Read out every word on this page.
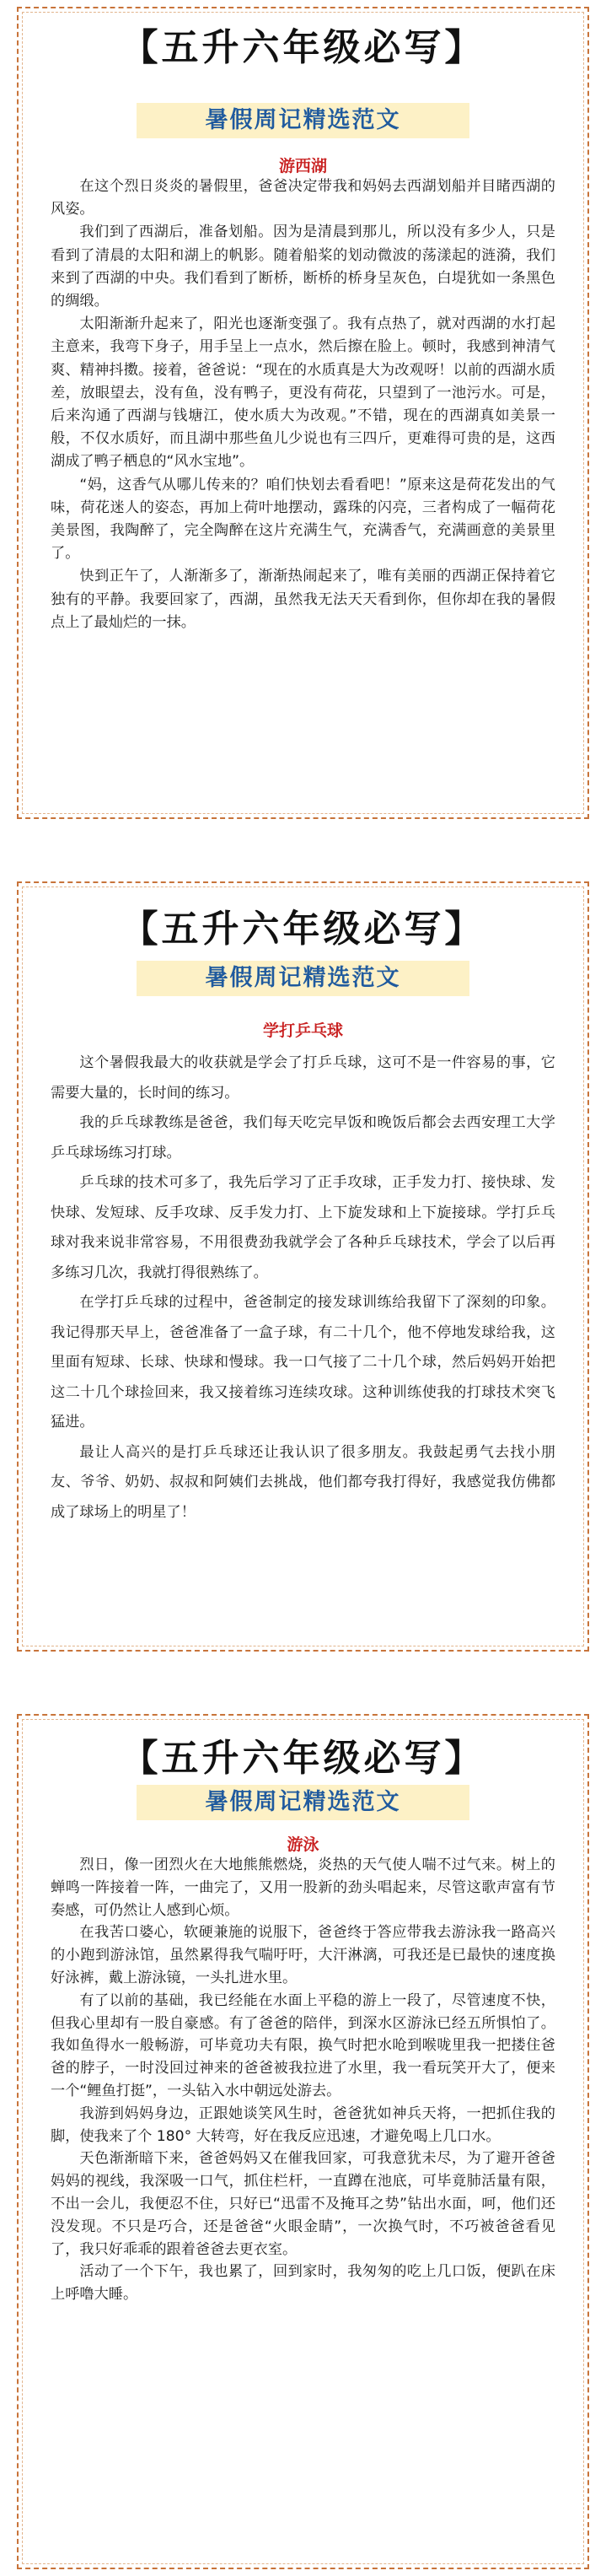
【五升六年级必写】
暑假周记精选范文
游西湖

在这个烈日炎炎的暑假里，爸爸决定带我和妈妈去西湖划船并目睹西湖的风姿。

我们到了西湖后，准备划船。因为是清晨到那儿，所以没有多少人，只是看到了清晨的太阳和湖上的帆影。随着船桨的划动微波的荡漾起的涟漪，我们来到了西湖的中央。我们看到了断桥，断桥的桥身呈灰色，白堤犹如一条黑色的绸缎。

太阳渐渐升起来了，阳光也逐渐变强了。我有点热了，就对西湖的水打起主意来，我弯下身子，用手呈上一点水，然后擦在脸上。顿时，我感到神清气爽、精神抖擞。接着，爸爸说：“现在的水质真是大为改观呀！以前的西湖水质差，放眼望去，没有鱼，没有鸭子，更没有荷花，只望到了一池污水。可是，后来沟通了西湖与钱塘江，使水质大为改观。”不错，现在的西湖真如美景一般，不仅水质好，而且湖中那些鱼儿少说也有三四斤，更难得可贵的是，这西湖成了鸭子栖息的“风水宝地”。

“妈，这香气从哪儿传来的？咱们快划去看看吧！”原来这是荷花发出的气味，荷花迷人的姿态，再加上荷叶地摆动，露珠的闪亮，三者构成了一幅荷花美景图，我陶醉了，完全陶醉在这片充满生气，充满香气，充满画意的美景里了。

快到正午了，人渐渐多了，渐渐热闹起来了，唯有美丽的西湖正保持着它独有的平静。我要回家了，西湖，虽然我无法天天看到你，但你却在我的暑假点上了最灿烂的一抹。

【五升六年级必写】
暑假周记精选范文
学打乒乓球

这个暑假我最大的收获就是学会了打乒乓球，这可不是一件容易的事，它需要大量的，长时间的练习。

我的乒乓球教练是爸爸，我们每天吃完早饭和晚饭后都会去西安理工大学乒乓球场练习打球。

乒乓球的技术可多了，我先后学习了正手攻球，正手发力打、接快球、发快球、发短球、反手攻球、反手发力打、上下旋发球和上下旋接球。学打乒乓球对我来说非常容易，不用很费劲我就学会了各种乒乓球技术，学会了以后再多练习几次，我就打得很熟练了。

在学打乒乓球的过程中，爸爸制定的接发球训练给我留下了深刻的印象。我记得那天早上，爸爸准备了一盒子球，有二十几个，他不停地发球给我，这里面有短球、长球、快球和慢球。我一口气接了二十几个球，然后妈妈开始把这二十几个球捡回来，我又接着练习连续攻球。这种训练使我的打球技术突飞猛进。

最让人高兴的是打乒乓球还让我认识了很多朋友。我鼓起勇气去找小朋友、爷爷、奶奶、叔叔和阿姨们去挑战，他们都夸我打得好，我感觉我仿佛都成了球场上的明星了！

【五升六年级必写】
暑假周记精选范文
游泳

烈日，像一团烈火在大地熊熊燃烧，炎热的天气使人喘不过气来。树上的蝉鸣一阵接着一阵，一曲完了，又用一股新的劲头唱起来，尽管这歌声富有节奏感，可仍然让人感到心烦。

在我苦口婆心，软硬兼施的说服下，爸爸终于答应带我去游泳我一路高兴的小跑到游泳馆，虽然累得我气喘吁吁，大汗淋漓，可我还是已最快的速度换好泳裤，戴上游泳镜，一头扎进水里。

有了以前的基础，我已经能在水面上平稳的游上一段了，尽管速度不快，但我心里却有一股自豪感。有了爸爸的陪伴，到深水区游泳已经五所惧怕了。我如鱼得水一般畅游，可毕竟功夫有限，换气时把水呛到喉咙里我一把搂住爸爸的脖子，一时没回过神来的爸爸被我拉进了水里，我一看玩笑开大了，便来一个“鲤鱼打挺”，一头钻入水中朝远处游去。

我游到妈妈身边，正跟她谈笑风生时，爸爸犹如神兵天将，一把抓住我的脚，使我来了个 180° 大转弯，好在我反应迅速，才避免喝上几口水。

天色渐渐暗下来，爸爸妈妈又在催我回家，可我意犹未尽，为了避开爸爸妈妈的视线，我深吸一口气，抓住栏杆，一直蹲在池底，可毕竟肺活量有限，不出一会儿，我便忍不住，只好已“迅雷不及掩耳之势”钻出水面，呵，他们还没发现。不只是巧合，还是爸爸“火眼金睛”，一次换气时，不巧被爸爸看见了，我只好乖乖的跟着爸爸去更衣室。

活动了一个下午，我也累了，回到家时，我匆匆的吃上几口饭，便趴在床上呼噜大睡。
